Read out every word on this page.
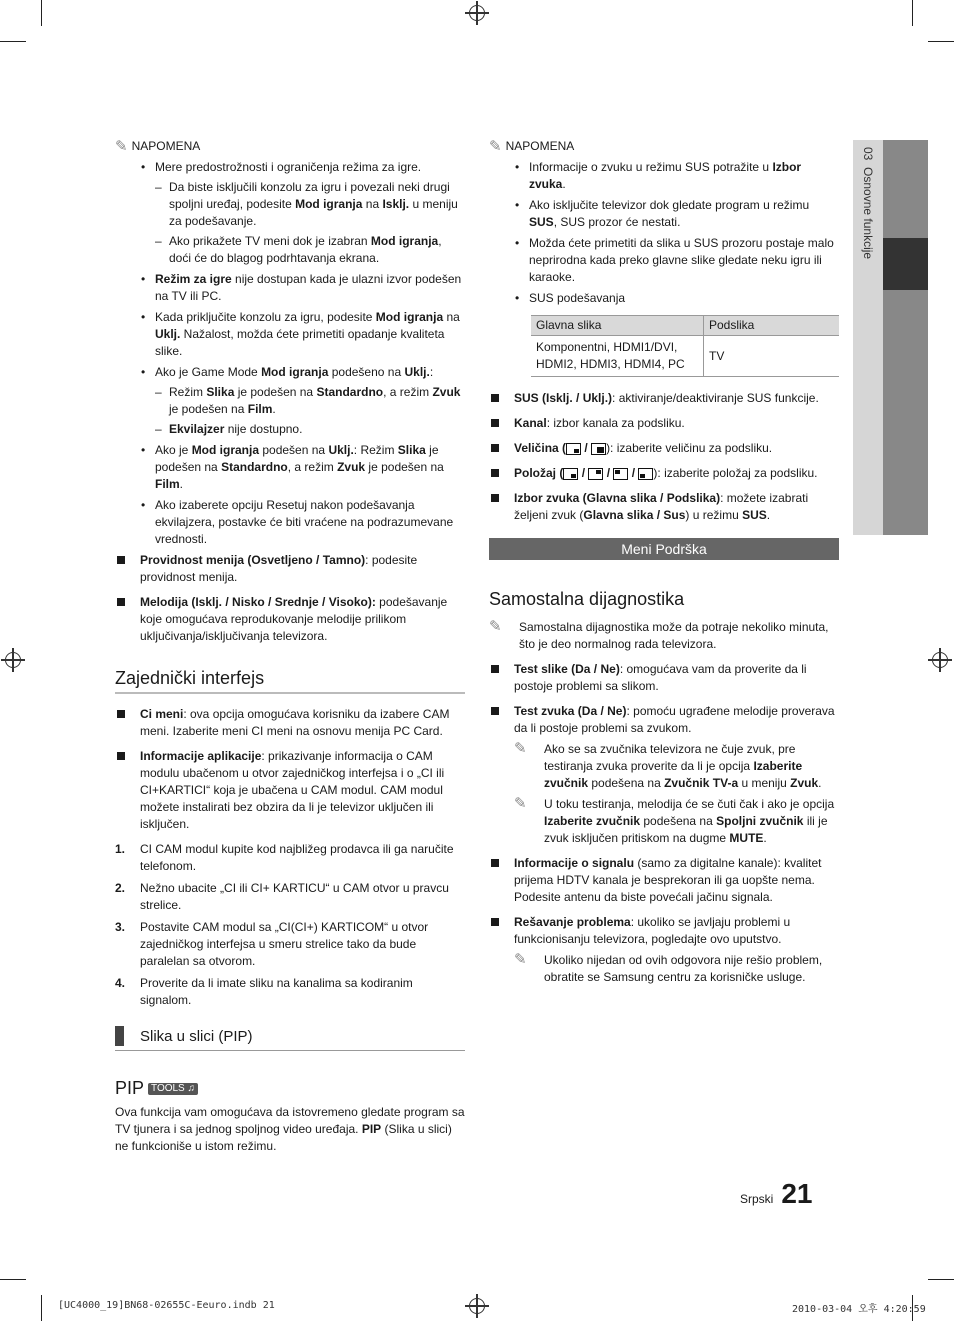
03  Osnovne funkcije
✎ NAPOMENA
• Mere predostrožnosti i ograničenja režima za igre.
– Da biste isključili konzolu za igru i povezali neki drugi spoljni uređaj, podesite Mod igranja na Isklj. u meniju za podešavanje.
– Ako prikažete TV meni dok je izabran Mod igranja, doći će do blagog podrhtavanja ekrana.
• Režim za igre nije dostupan kada je ulazni izvor podešen na TV ili PC.
• Kada priključite konzolu za igru, podesite Mod igranja na Uklj. Nažalost, možda ćete primetiti opadanje kvaliteta slike.
• Ako je Game Mode Mod igranja podešeno na Uklj.:
– Režim Slika je podešen na Standardno, a režim Zvuk je podešen na Film.
– Ekvilajzer nije dostupno.
• Ako je Mod igranja podešen na Uklj.: Režim Slika je podešen na Standardno, a režim Zvuk je podešen na Film.
• Ako izaberete opciju Resetuj nakon podešavanja ekvilajzera, postavke će biti vraćene na podrazumevane vrednosti.
Providnost menija (Osvetljeno / Tamno): podesite providnost menija.
Melodija (Isklj. / Nisko / Srednje / Visoko): podešavanje koje omogućava reprodukovanje melodije prilikom uključivanja/isključivanja televizora.
Zajednički interfejs
Ci meni: ova opcija omogućava korisniku da izabere CAM meni. Izaberite meni CI meni na osnovu menija PC Card.
Informacije aplikacije: prikazivanje informacija o CAM modulu ubačenom u otvor zajedničkog interfejsa i o „CI ili CI+KARTICI“ koja je ubačena u CAM modul. CAM modul možete instalirati bez obzira da li je televizor uključen ili isključen.
1. CI CAM modul kupite kod najbližeg prodavca ili ga naručite telefonom.
2. Nežno ubacite „CI ili CI+ KARTICU“ u CAM otvor u pravcu strelice.
3. Postavite CAM modul sa „CI(CI+) KARTICOM“ u otvor zajedničkog interfejsa u smeru strelice tako da bude paralelan sa otvorom.
4. Proverite da li imate sliku na kanalima sa kodiranim signalom.
Slika u slici (PIP)
PIP TOOLS ♫

Ova funkcija vam omogućava da istovremeno gledate program sa TV tjunera i sa jednog spoljnog video uređaja. PIP (Slika u slici) ne funkcioniše u istom režimu.

✎ NAPOMENA
• Informacije o zvuku u režimu SUS potražite u Izbor zvuka.
• Ako isključite televizor dok gledate program u režimu SUS, SUS prozor će nestati.
• Možda ćete primetiti da slika u SUS prozoru postaje malo neprirodna kada preko glavne slike gledate neku igru ili karaoke.
• SUS podešavanja
Glavna slika	Podslika
Komponentni, HDMI1/DVI, HDMI2, HDMI3, HDMI4, PC	TV
SUS (Isklj. / Uklj.): aktiviranje/deaktiviranje SUS funkcije.
Kanal: izbor kanala za podsliku.
Veličina ( / ): izaberite veličinu za podsliku.
Položaj ( /  /  / ): izaberite položaj za podsliku.
Izbor zvuka (Glavna slika / Podslika): možete izabrati željeni zvuk (Glavna slika / Sus) u režimu SUS.
Meni Podrška
Samostalna dijagnostika
✎ Samostalna dijagnostika može da potraje nekoliko minuta, što je deo normalnog rada televizora.
Test slike (Da / Ne): omogućava vam da proverite da li postoje problemi sa slikom.
Test zvuka (Da / Ne): pomoću ugrađene melodije proverava da li postoje problemi sa zvukom.
✎ Ako se sa zvučnika televizora ne čuje zvuk, pre testiranja zvuka proverite da li je opcija Izaberite zvučnik podešena na Zvučnik TV-a u meniju Zvuk.
✎ U toku testiranja, melodija će se čuti čak i ako je opcija Izaberite zvučnik podešena na Spoljni zvučnik ili je zvuk isključen pritiskom na dugme MUTE.
Informacije o signalu (samo za digitalne kanale): kvalitet prijema HDTV kanala je besprekoran ili ga uopšte nema. Podesite antenu da biste povećali jačinu signala.
Rešavanje problema: ukoliko se javljaju problemi u funkcionisanju televizora, pogledajte ovo uputstvo.
✎ Ukoliko nijedan od ovih odgovora nije rešio problem, obratite se Samsung centru za korisničke usluge.
Srpski 21
[UC4000_19]BN68-02655C-Eeuro.indb 21	2010-03-04 오후 4:20:59
